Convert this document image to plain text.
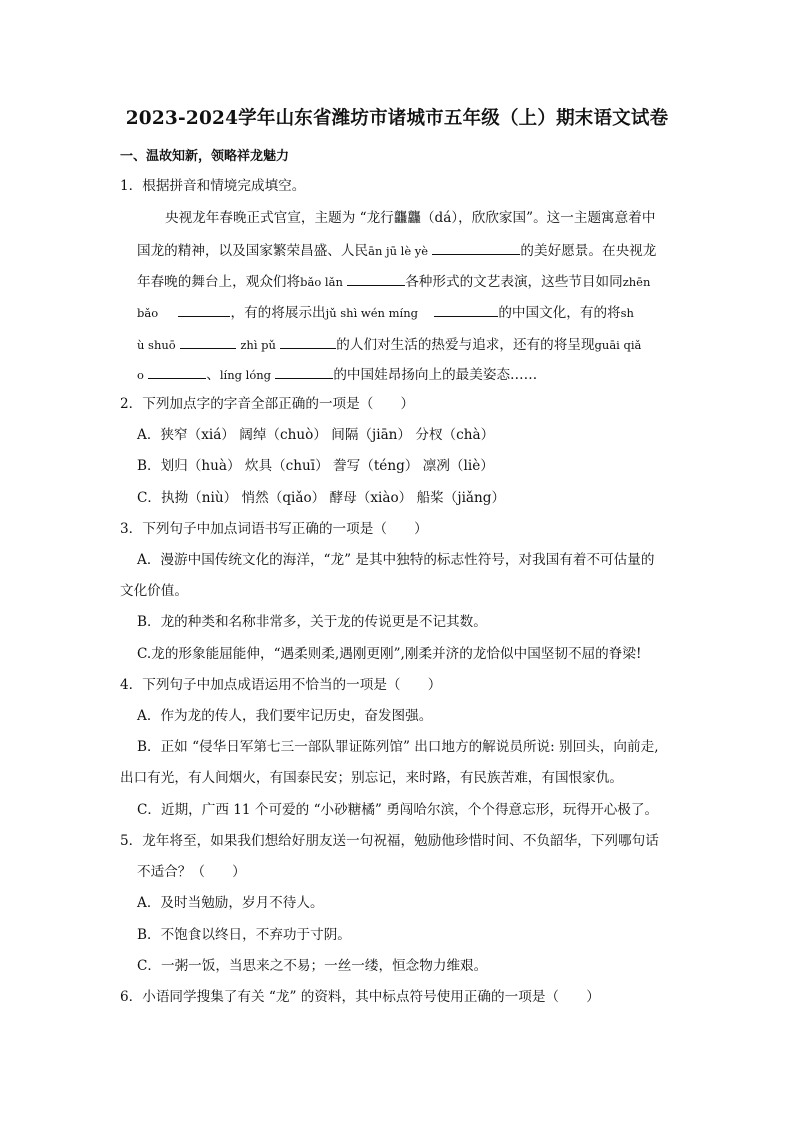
2023-2024学年山东省潍坊市诸城市五年级（上）期末语文试卷
一、温故知新，领略祥龙魅力
1．根据拼音和情境完成填空。
央视龙年春晚正式官宣，主题为 “龙行龘龘（dá），欣欣家国”。这一主题寓意着中
国龙的精神，以及国家繁荣昌盛、人民ān jū lè yè	的美好愿景。在央视龙
年春晚的舞台上，观众们将bǎo lǎn	各种形式的文艺表演，这些节目如同zhēn
bǎo	，有的将展示出jǔ shì wén míng	的中国文化，有的将sh
ù shuō	zhì pǔ	的人们对生活的热爱与追求，还有的将呈现guāi qiǎ
o	、líng lóng	的中国娃昂扬向上的最美姿态……
2．下列加点字的字音全部正确的一项是（　　）
A．狭窄（xiá） 阔绰（chuò） 间隔（jiān） 分杈（chà）
B．划归（huà） 炊具（chuī） 誊写（téng） 凛冽（liè）
C．执拗（niù） 悄然（qiǎo） 酵母（xiào） 船桨（jiǎng）
3．下列句子中加点词语书写正确的一项是（　　）
A．漫游中国传统文化的海洋，“龙” 是其中独特的标志性符号，对我国有着不可估量的
文化价值。
B．龙的种类和名称非常多，关于龙的传说更是不记其数。
C.龙的形象能屈能伸，“遇柔则柔,遇刚更刚”,刚柔并济的龙恰似中国坚韧不屈的脊梁!
4．下列句子中加点成语运用不恰当的一项是（　　）
A．作为龙的传人，我们要牢记历史，奋发图强。
B．正如 “侵华日军第七三一部队罪证陈列馆” 出口地方的解说员所说: 别回头，向前走,
出口有光，有人间烟火，有国泰民安；别忘记，来时路，有民族苦难，有国恨家仇。
C．近期，广西 11 个可爱的 “小砂糖橘” 勇闯哈尔滨，个个得意忘形，玩得开心极了。
5．龙年将至，如果我们想给好朋友送一句祝福，勉励他珍惜时间、不负韶华，下列哪句话
不适合？（　　）
A．及时当勉励，岁月不待人。
B．不饱食以终日，不弃功于寸阴。
C．一粥一饭，当思来之不易；一丝一缕，恒念物力维艰。
6．小语同学搜集了有关 “龙” 的资料，其中标点符号使用正确的一项是（　　）
